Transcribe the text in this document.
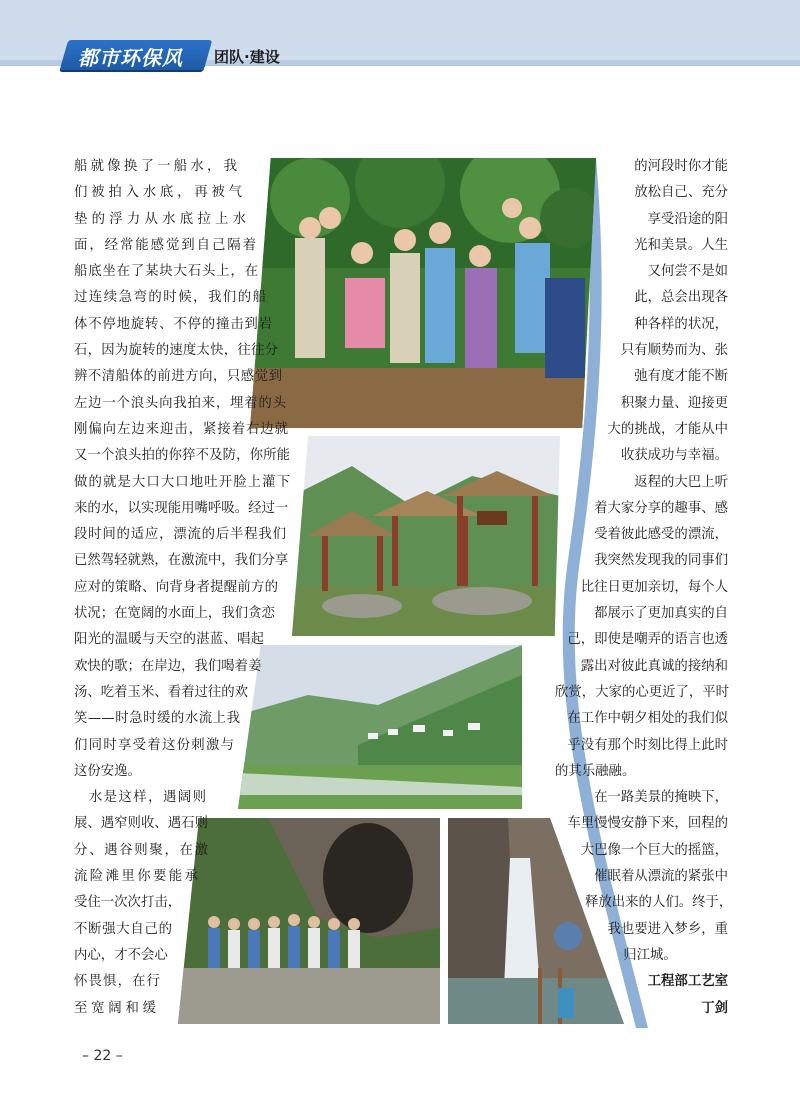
都市环保风 团队·建设
船就像换了一船水，我
们被拍入水底，再被气
垫的浮力从水底拉上水
面，经常能感觉到自己隔着
船底坐在了某块大石头上，在
过连续急弯的时候，我们的船
体不停地旋转、不停的撞击到岩
石，因为旋转的速度太快，往往分
辨不清船体的前进方向，只感觉到
左边一个浪头向我拍来，埋着的头
刚偏向左边来迎击，紧接着右边就
又一个浪头拍的你猝不及防，你所能
做的就是大口大口地吐开脸上灌下
来的水，以实现能用嘴呼吸。经过一
段时间的适应，漂流的后半程我们
已然驾轻就熟，在激流中，我们分享
应对的策略、向背身者提醒前方的
状况；在宽阔的水面上，我们贪恋
阳光的温暖与天空的湛蓝、唱起
欢快的歌；在岸边，我们喝着姜
汤、吃着玉米、看着过往的欢
笑——时急时缓的水流上我
们同时享受着这份刺激与
这份安逸。
　水是这样，遇阔则
展、遇窄则收、遇石则
分、遇谷则聚，在激
流险滩里你要能承
受住一次次打击，
不断强大自己的
内心，才不会心
怀畏惧，在行
至宽阔和缓
的河段时你才能
放松自己、充分
享受沿途的阳
光和美景。人生
又何尝不是如
此，总会出现各
种各样的状况，
只有顺势而为、张
弛有度才能不断
积聚力量、迎接更
大的挑战，才能从中
收获成功与幸福。
返程的大巴上听
着大家分享的趣事、感
受着彼此感受的漂流，
我突然发现我的同事们
比往日更加亲切，每个人
都展示了更加真实的自
己，即使是嘲弄的语言也透
露出对彼此真诚的接纳和
欣赏，大家的心更近了，平时
在工作中朝夕相处的我们似
乎没有那个时刻比得上此时
的其乐融融。
在一路美景的掩映下，
车里慢慢安静下来，回程的
大巴像一个巨大的摇篮，
催眠着从漂流的紧张中
释放出来的人们。终于，
我也要进入梦乡，重
归江城。
工程部工艺室
丁剑
– 22 –
